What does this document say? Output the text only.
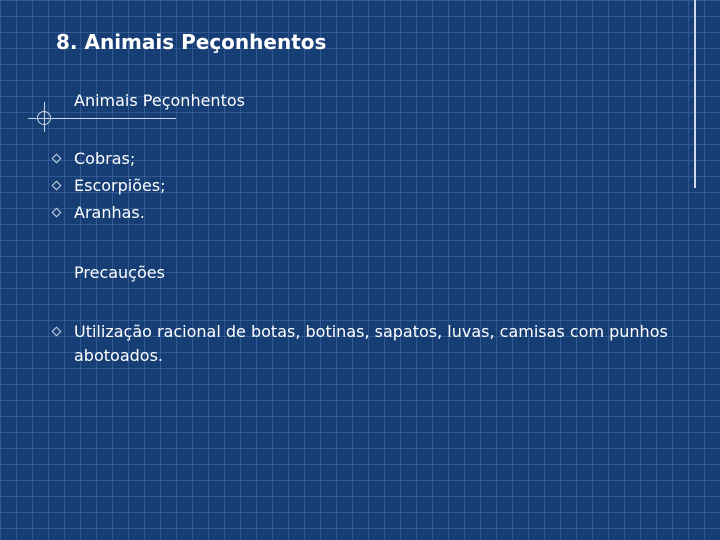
8. Animais Peçonhentos
Animais Peçonhentos
Cobras;
Escorpiões;
Aranhas.
Precauções
Utilização racional de botas, botinas, sapatos, luvas, camisas com punhos abotoados.
